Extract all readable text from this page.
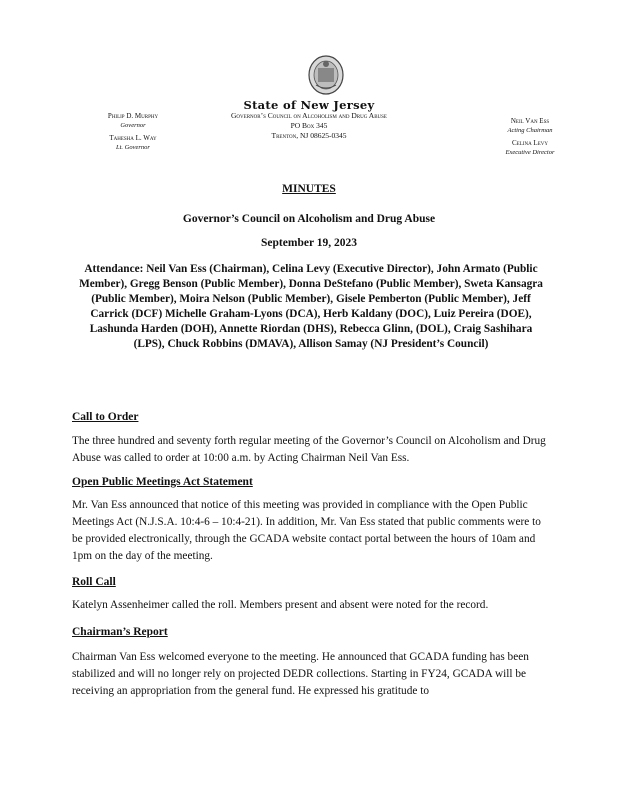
State of New Jersey
Governor’s Council on Alcoholism and Drug Abuse
PO Box 345
Trenton, NJ 08625-0345
Philip D. Murphy
Governor
Tahesha L. Way
Lt. Governor
Neil Van Ess
Acting Chairman
Celina Levy
Executive Director
MINUTES
Governor’s Council on Alcoholism and Drug Abuse
September 19, 2023
Attendance: Neil Van Ess (Chairman), Celina Levy (Executive Director), John Armato (Public Member), Gregg Benson (Public Member), Donna DeStefano (Public Member), Sweta Kansagra (Public Member), Moira Nelson (Public Member), Gisele Pemberton (Public Member), Jeff Carrick (DCF) Michelle Graham-Lyons (DCA), Herb Kaldany (DOC), Luiz Pereira (DOE), Lashunda Harden (DOH), Annette Riordan (DHS), Rebecca Glinn, (DOL), Craig Sashihara (LPS), Chuck Robbins (DMAVA), Allison Samay (NJ President’s Council)
Call to Order
The three hundred and seventy forth regular meeting of the Governor’s Council on Alcoholism and Drug Abuse was called to order at 10:00 a.m. by Acting Chairman Neil Van Ess.
Open Public Meetings Act Statement
Mr. Van Ess announced that notice of this meeting was provided in compliance with the Open Public Meetings Act (N.J.S.A. 10:4-6 – 10:4-21). In addition, Mr. Van Ess stated that public comments were to be provided electronically, through the GCADA website contact portal between the hours of 10am and 1pm on the day of the meeting.
Roll Call
Katelyn Assenheimer called the roll. Members present and absent were noted for the record.
Chairman’s Report
Chairman Van Ess welcomed everyone to the meeting. He announced that GCADA funding has been stabilized and will no longer rely on projected DEDR collections. Starting in FY24, GCADA will be receiving an appropriation from the general fund. He expressed his gratitude to
